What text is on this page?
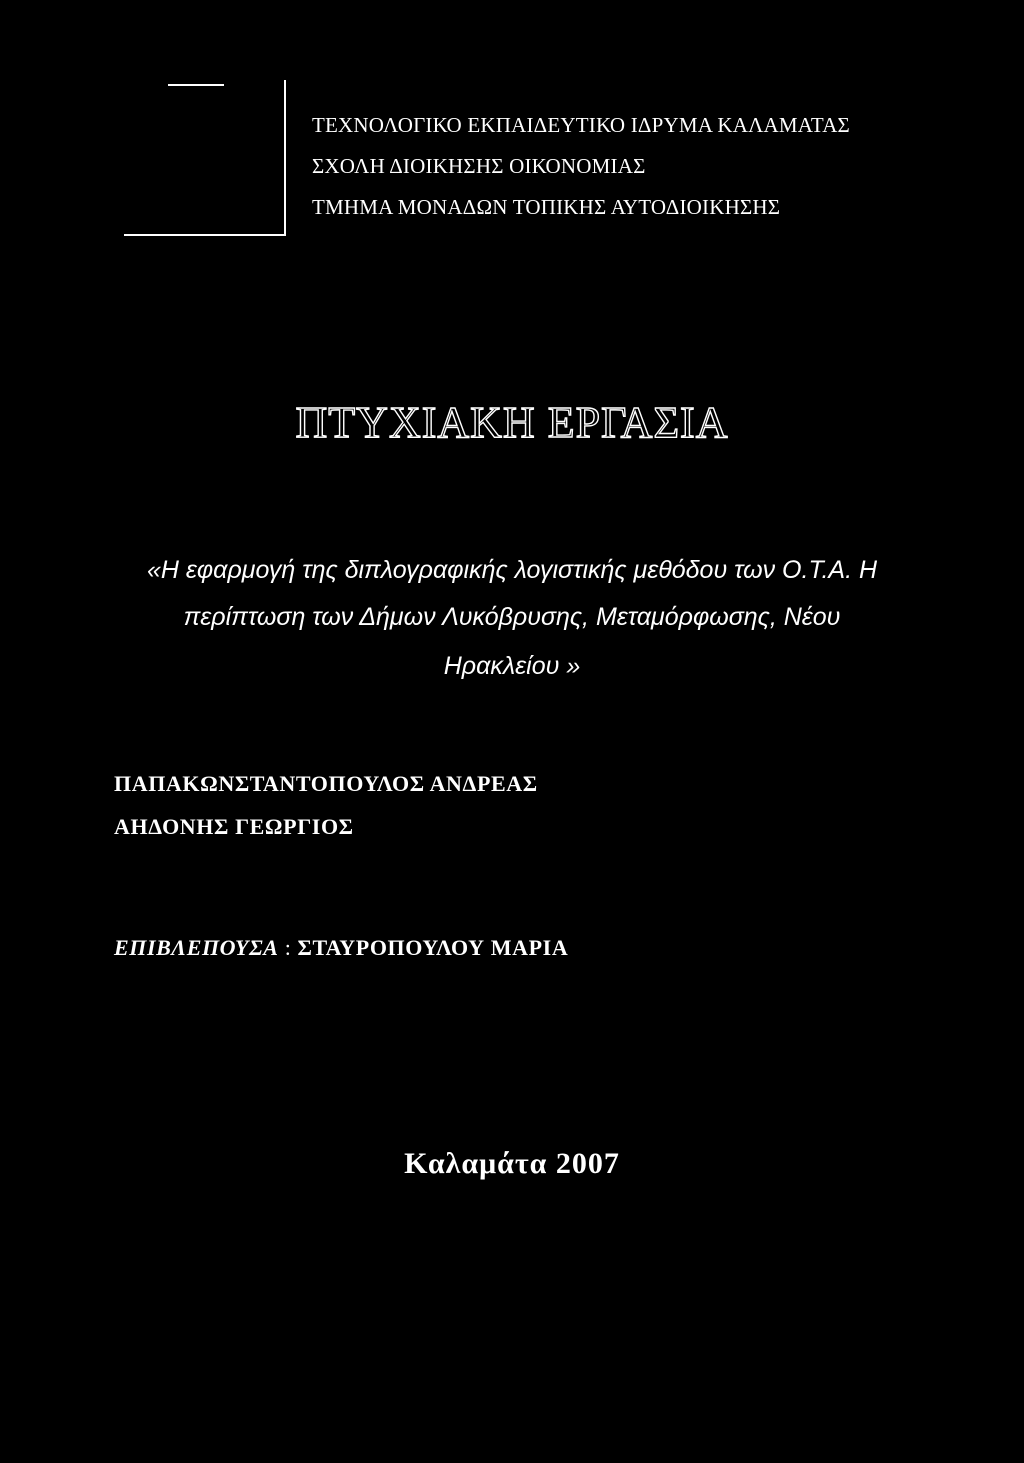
ΤΕΧΝΟΛΟΓΙΚΟ ΕΚΠΑΙΔΕΥΤΙΚΟ ΙΔΡΥΜΑ ΚΑΛΑΜΑΤΑΣ
ΣΧΟΛΗ ΔΙΟΙΚΗΣΗΣ ΟΙΚΟΝΟΜΙΑΣ
ΤΜΗΜΑ ΜΟΝΑΔΩΝ ΤΟΠΙΚΗΣ ΑΥΤΟΔΙΟΙΚΗΣΗΣ
ΠΤΥΧΙΑΚΗ ΕΡΓΑΣΙΑ
«Η εφαρμογή της διπλογραφικής λογιστικής μεθόδου των Ο.Τ.Α. Η
περίπτωση των Δήμων Λυκόβρυσης, Μεταμόρφωσης, Νέου
Ηρακλείου »
ΠΑΠΑΚΩΝΣΤΑΝΤΟΠΟΥΛΟΣ ΑΝΔΡΕΑΣ
ΑΗΔΟΝΗΣ ΓΕΩΡΓΙΟΣ
ΕΠΙΒΛΕΠΟΥΣΑ : ΣΤΑΥΡΟΠΟΥΛΟΥ ΜΑΡΙΑ
Καλαμάτα 2007
